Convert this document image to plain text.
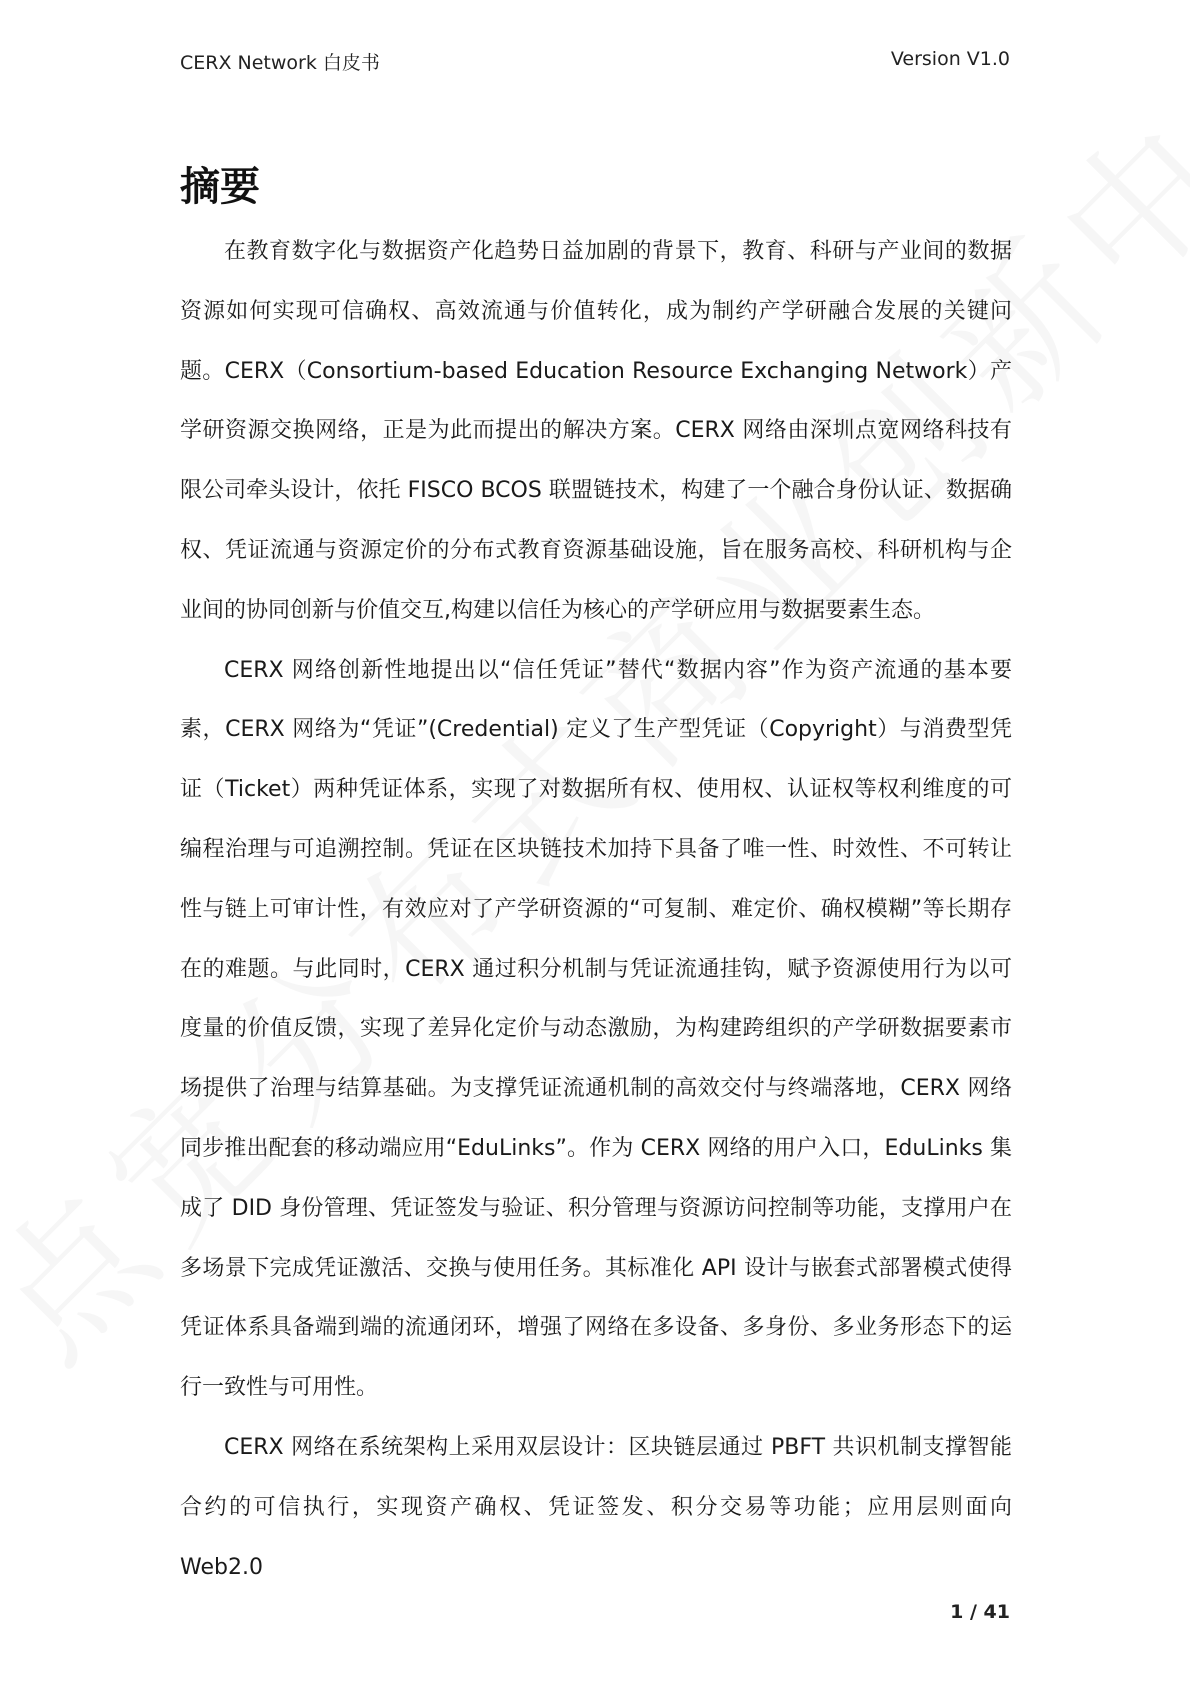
CERX Network 白皮书	Version V1.0
摘要

在教育数字化与数据资产化趋势日益加剧的背景下，教育、科研与产业间的数据资源如何实现可信确权、高效流通与价值转化，成为制约产学研融合发展的关键问题。CERX（Consortium-based Education Resource Exchanging Network）产学研资源交换网络，正是为此而提出的解决方案。CERX 网络由深圳点宽网络科技有限公司牵头设计，依托 FISCO BCOS 联盟链技术，构建了一个融合身份认证、数据确权、凭证流通与资源定价的分布式教育资源基础设施，旨在服务高校、科研机构与企业间的协同创新与价值交互,构建以信任为核心的产学研应用与数据要素生态。

CERX 网络创新性地提出以“信任凭证”替代“数据内容”作为资产流通的基本要素，CERX 网络为“凭证”(Credential) 定义了生产型凭证（Copyright）与消费型凭证（Ticket）两种凭证体系，实现了对数据所有权、使用权、认证权等权利维度的可编程治理与可追溯控制。凭证在区块链技术加持下具备了唯一性、时效性、不可转让性与链上可审计性，有效应对了产学研资源的“可复制、难定价、确权模糊”等长期存在的难题。与此同时，CERX 通过积分机制与凭证流通挂钩，赋予资源使用行为以可度量的价值反馈，实现了差异化定价与动态激励，为构建跨组织的产学研数据要素市场提供了治理与结算基础。为支撑凭证流通机制的高效交付与终端落地，CERX 网络同步推出配套的移动端应用“EduLinks”。作为 CERX 网络的用户入口，EduLinks 集成了 DID 身份管理、凭证签发与验证、积分管理与资源访问控制等功能，支撑用户在多场景下完成凭证激活、交换与使用任务。其标准化 API 设计与嵌套式部署模式使得凭证体系具备端到端的流通闭环，增强了网络在多设备、多身份、多业务形态下的运行一致性与可用性。

CERX 网络在系统架构上采用双层设计：区块链层通过 PBFT 共识机制支撑智能合约的可信执行，实现资产确权、凭证签发、积分交易等功能；应用层则面向 Web2.0

1 / 41
